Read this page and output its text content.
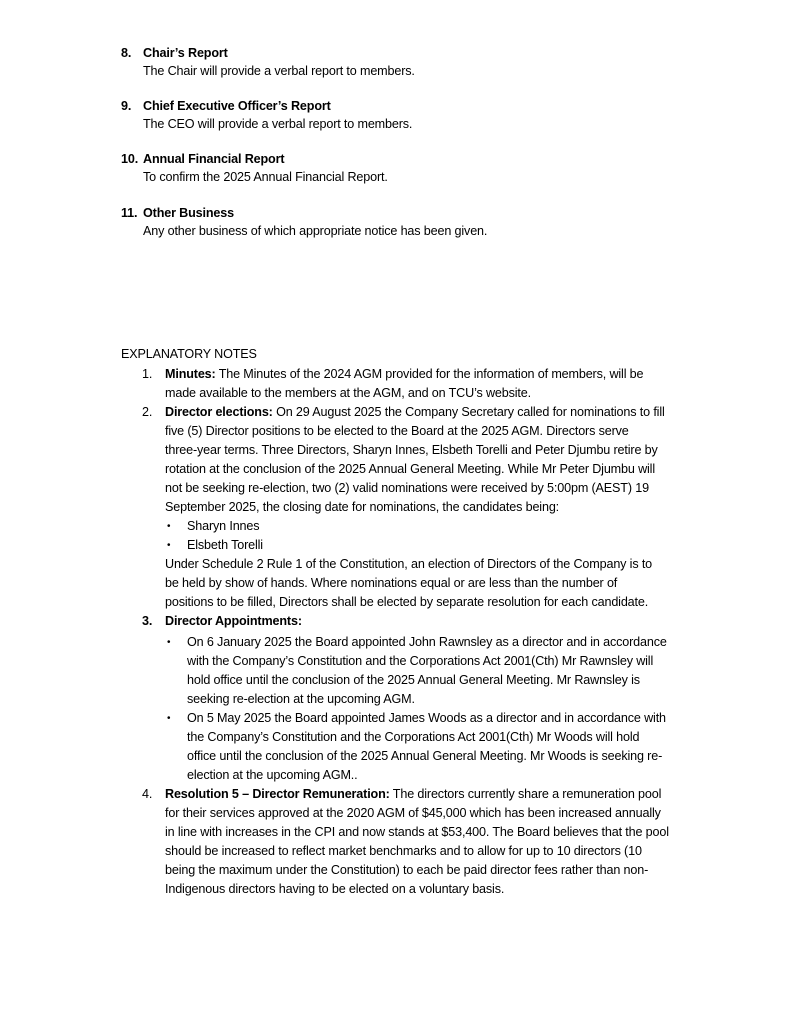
8. Chair’s Report
The Chair will provide a verbal report to members.
9. Chief Executive Officer’s Report
The CEO will provide a verbal report to members.
10. Annual Financial Report
To confirm the 2025 Annual Financial Report.
11. Other Business
Any other business of which appropriate notice has been given.
EXPLANATORY NOTES
1. Minutes: The Minutes of the 2024 AGM provided for the information of members, will be
made available to the members at the AGM, and on TCU’s website.
2. Director elections: On 29 August 2025 the Company Secretary called for nominations to fill
five (5) Director positions to be elected to the Board at the 2025 AGM. Directors serve
three-year terms. Three Directors, Sharyn Innes, Elsbeth Torelli and Peter Djumbu retire by
rotation at the conclusion of the 2025 Annual General Meeting. While Mr Peter Djumbu will
not be seeking re-election, two (2) valid nominations were received by 5:00pm (AEST) 19
September 2025, the closing date for nominations, the candidates being:
• Sharyn Innes
• Elsbeth Torelli
Under Schedule 2 Rule 1 of the Constitution, an election of Directors of the Company is to
be held by show of hands. Where nominations equal or are less than the number of
positions to be filled, Directors shall be elected by separate resolution for each candidate.
3. Director Appointments:
• On 6 January 2025 the Board appointed John Rawnsley as a director and in accordance
with the Company’s Constitution and the Corporations Act 2001(Cth) Mr Rawnsley will
hold office until the conclusion of the 2025 Annual General Meeting. Mr Rawnsley is
seeking re-election at the upcoming AGM.
• On 5 May 2025 the Board appointed James Woods as a director and in accordance with
the Company’s Constitution and the Corporations Act 2001(Cth) Mr Woods will hold
office until the conclusion of the 2025 Annual General Meeting. Mr Woods is seeking re-
election at the upcoming AGM..
4. Resolution 5 – Director Remuneration: The directors currently share a remuneration pool
for their services approved at the 2020 AGM of $45,000 which has been increased annually
in line with increases in the CPI and now stands at $53,400. The Board believes that the pool
should be increased to reflect market benchmarks and to allow for up to 10 directors (10
being the maximum under the Constitution) to each be paid director fees rather than non-
Indigenous directors having to be elected on a voluntary basis.
